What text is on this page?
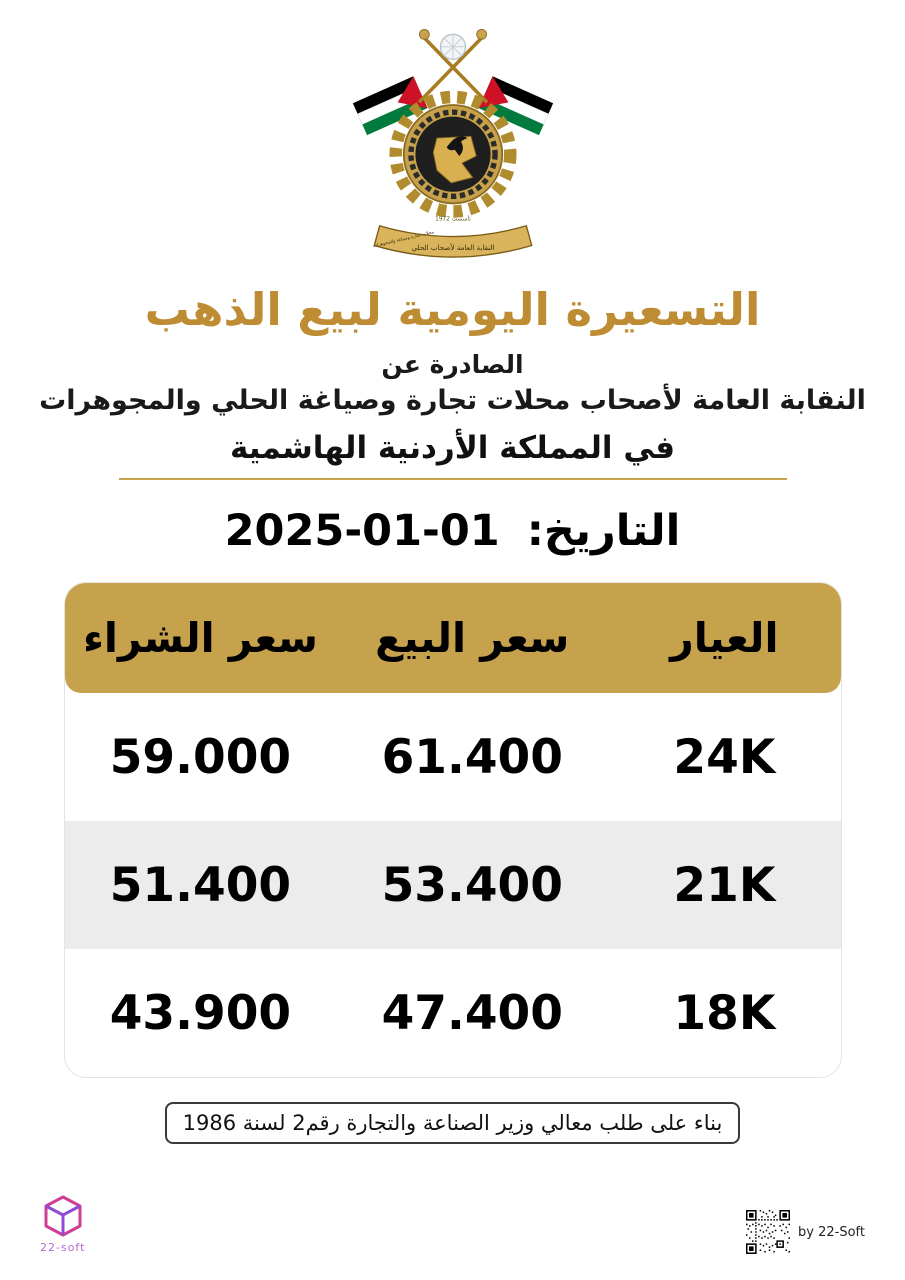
تأسست 1972
النقابة العامة لأصحاب الحلي
محلات تجارة وصياغة والمجوهرات
التسعيرة اليومية لبيع الذهب
الصادرة عن
النقابة العامة لأصحاب محلات تجارة وصياغة الحلي والمجوهرات
في المملكة الأردنية الهاشمية
التاريخ: 01-01-2025
العيار
سعر البيع
سعر الشراء
24K
61.400
59.000
21K
53.400
51.400
18K
47.400
43.900
بناء على طلب معالي وزير الصناعة والتجارة رقم2 لسنة 1986
22-soft
by 22-Soft
